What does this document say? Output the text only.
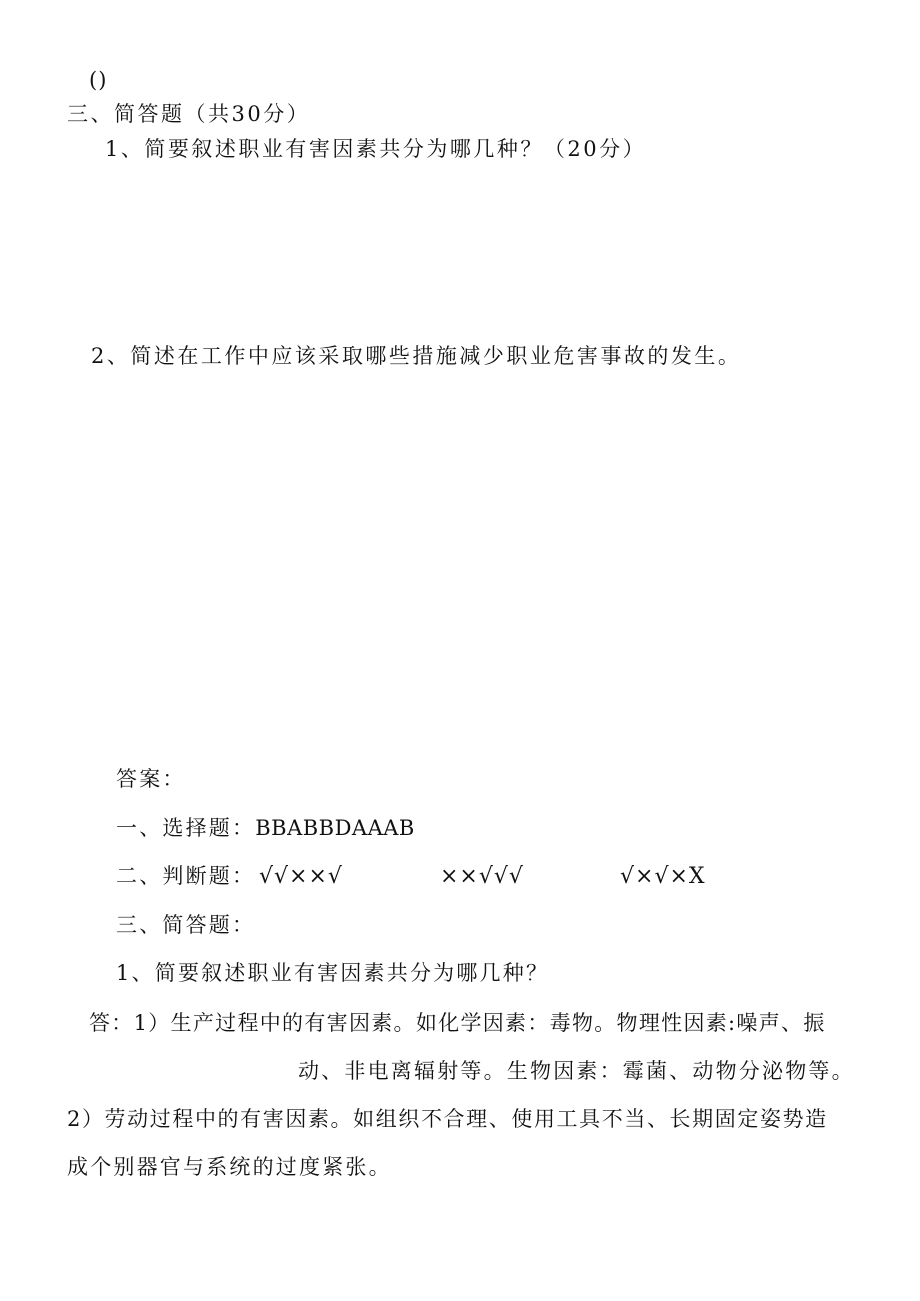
()
三、简答题（共30分）
1、简要叙述职业有害因素共分为哪几种？（20分）
2、简述在工作中应该采取哪些措施减少职业危害事故的发生。
答案：
一、选择题：BBABBDAAAB
二、判断题： √√××√	××√√√	√×√×X
三、简答题：
1、简要叙述职业有害因素共分为哪几种？
答：1）生产过程中的有害因素。如化学因素：毒物。物理性因素:噪声、振
动、非电离辐射等。生物因素：霉菌、动物分泌物等。
2）劳动过程中的有害因素。如组织不合理、使用工具不当、长期固定姿势造
成个别器官与系统的过度紧张。
